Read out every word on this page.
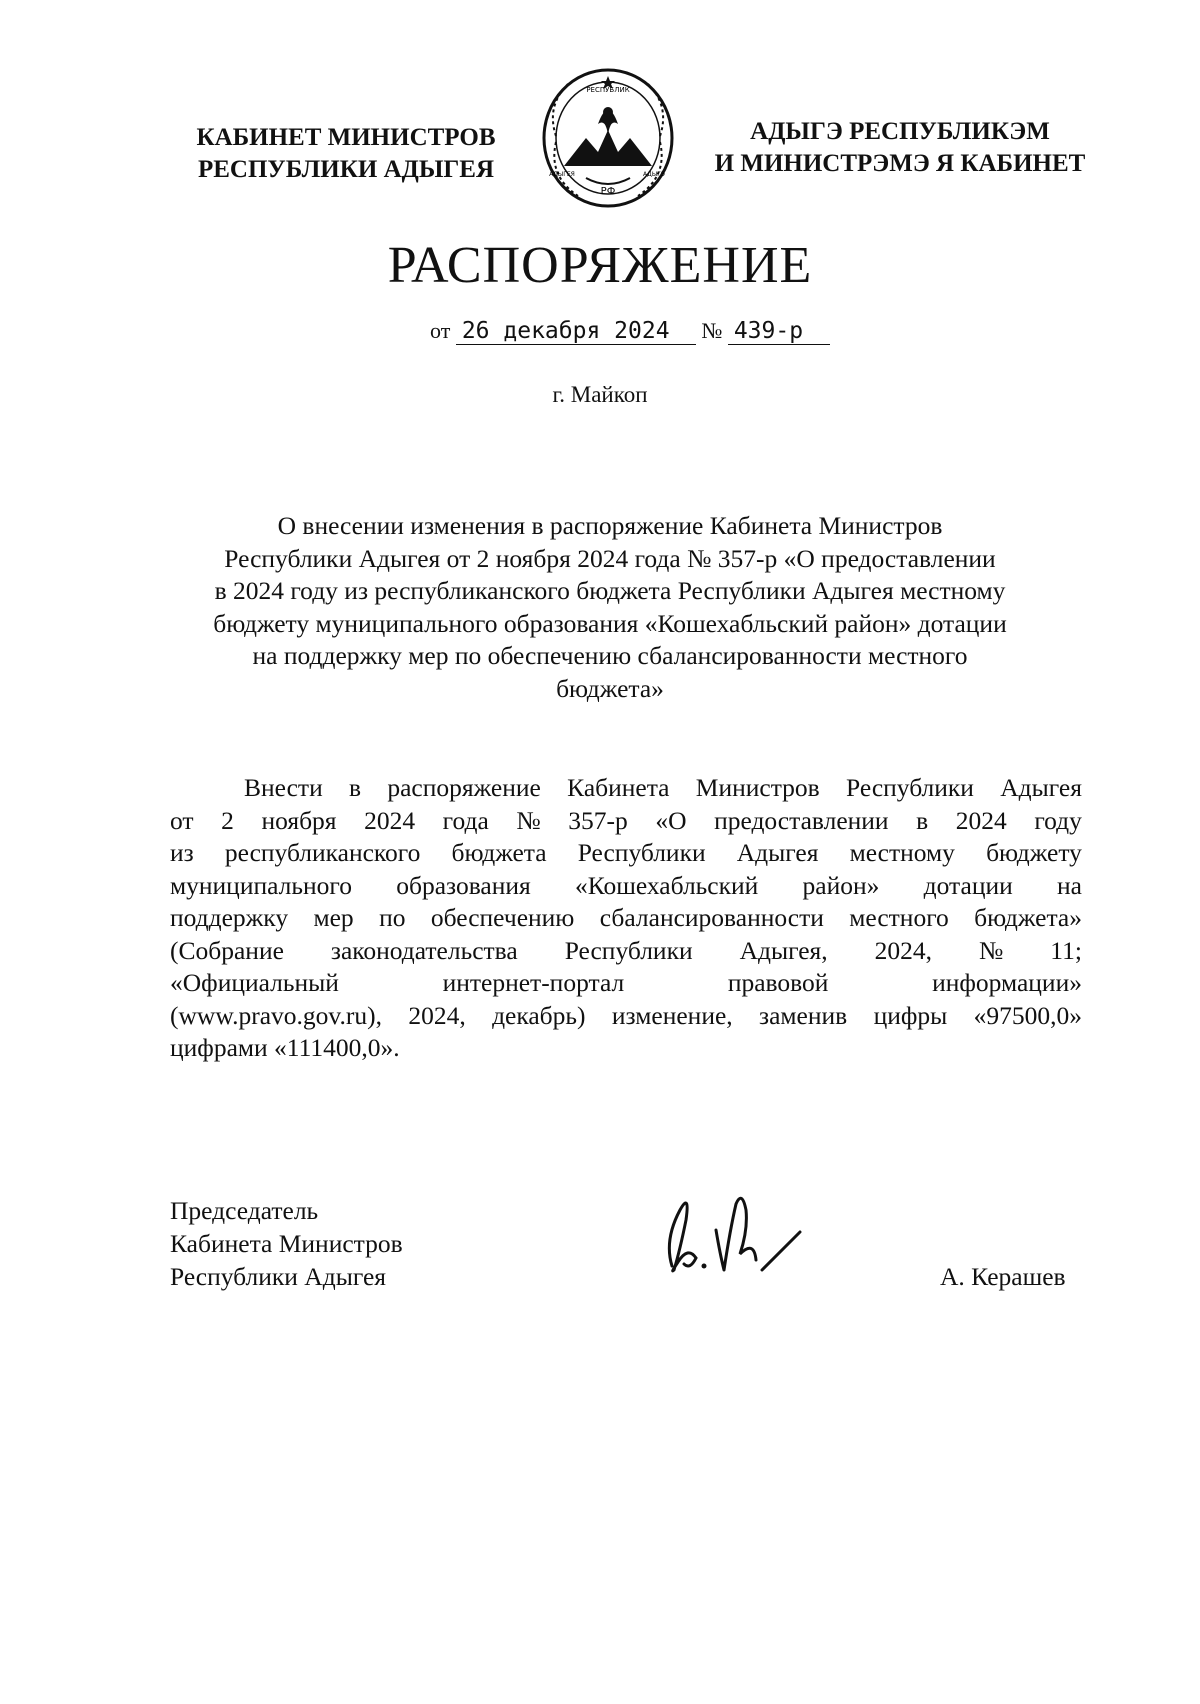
КАБИНЕТ МИНИСТРОВ
РЕСПУБЛИКИ АДЫГЕЯ
РФ
РЕСПУБЛИК
АДЫГЕЯ	АДЫГЭ
АДЫГЭ РЕСПУБЛИКЭМ
И МИНИСТРЭМЭ Я КАБИНЕТ
РАСПОРЯЖЕНИЕ
от 26 декабря 2024 № 439-р
г. Майкоп
О внесении изменения в распоряжение Кабинета Министров
Республики Адыгея от 2 ноября 2024 года № 357-р «О предоставлении
в 2024 году из республиканского бюджета Республики Адыгея местному
бюджету муниципального образования «Кошехабльский район» дотации
на поддержку мер по обеспечению сбалансированности местного
бюджета»
Внести в распоряжение Кабинета Министров Республики Адыгея
от 2 ноября 2024 года № 357-р «О предоставлении в 2024 году
из республиканского бюджета Республики Адыгея местному бюджету
муниципального образования «Кошехабльский район» дотации на
поддержку мер по обеспечению сбалансированности местного бюджета»
(Собрание законодательства Республики Адыгея, 2024, № 11;
«Официальный	интернет-портал	правовой	информации»
(www.pravo.gov.ru), 2024, декабрь) изменение, заменив цифры «97500,0»
цифрами «111400,0».
Председатель
Кабинета Министров
Республики Адыгея	А. Керашев
